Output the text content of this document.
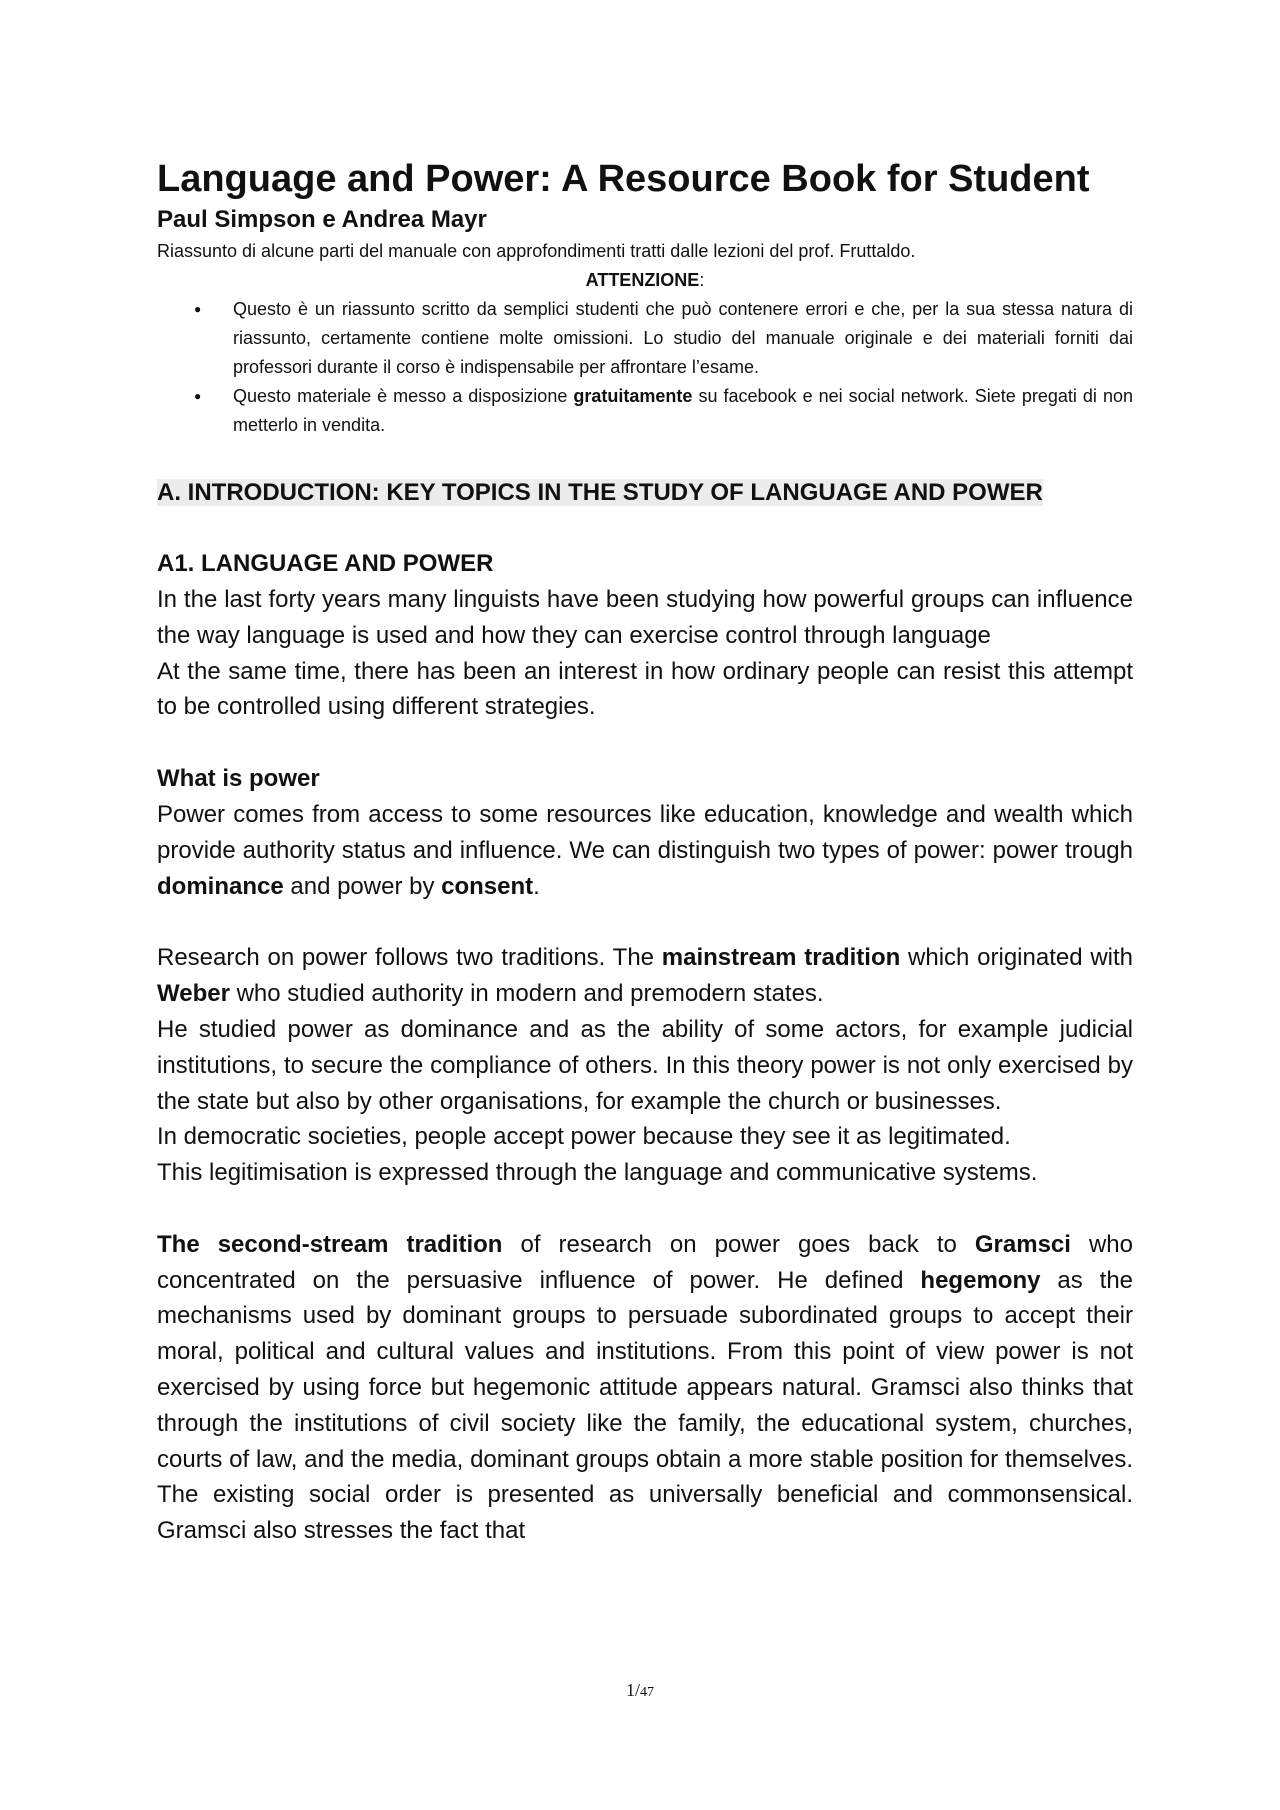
Language and Power: A Resource Book for Student
Paul Simpson e Andrea Mayr
Riassunto di alcune parti del manuale con approfondimenti tratti dalle lezioni del prof. Fruttaldo.
ATTENZIONE:
● Questo è un riassunto scritto da semplici studenti che può contenere errori e che, per la sua stessa natura di riassunto, certamente contiene molte omissioni. Lo studio del manuale originale e dei materiali forniti dai professori durante il corso è indispensabile per affrontare l’esame.
● Questo materiale è messo a disposizione gratuitamente su facebook e nei social network. Siete pregati di non metterlo in vendita.
A. INTRODUCTION: KEY TOPICS IN THE STUDY OF LANGUAGE AND POWER
A1. LANGUAGE AND POWER

In the last forty years many linguists have been studying how powerful groups can influence the way language is used and how they can exercise control through language

At the same time, there has been an interest in how ordinary people can resist this attempt to be controlled using different strategies.

What is power

Power comes from access to some resources like education, knowledge and wealth which provide authority status and influence. We can distinguish two types of power: power trough dominance and power by consent.

Research on power follows two traditions. The mainstream tradition which originated with Weber who studied authority in modern and premodern states.

He studied power as dominance and as the ability of some actors, for example judicial institutions, to secure the compliance of others. In this theory power is not only exercised by the state but also by other organisations, for example the church or businesses.

In democratic societies, people accept power because they see it as legitimated.

This legitimisation is expressed through the language and communicative systems.

The second-stream tradition of research on power goes back to Gramsci who concentrated on the persuasive influence of power. He defined hegemony as the mechanisms used by dominant groups to persuade subordinated groups to accept their moral, political and cultural values and institutions. From this point of view power is not exercised by using force but hegemonic attitude appears natural. Gramsci also thinks that through the institutions of civil society like the family, the educational system, churches, courts of law, and the media, dominant groups obtain a more stable position for themselves. The existing social order is presented as universally beneficial and commonsensical. Gramsci also stresses the fact that

1/47
